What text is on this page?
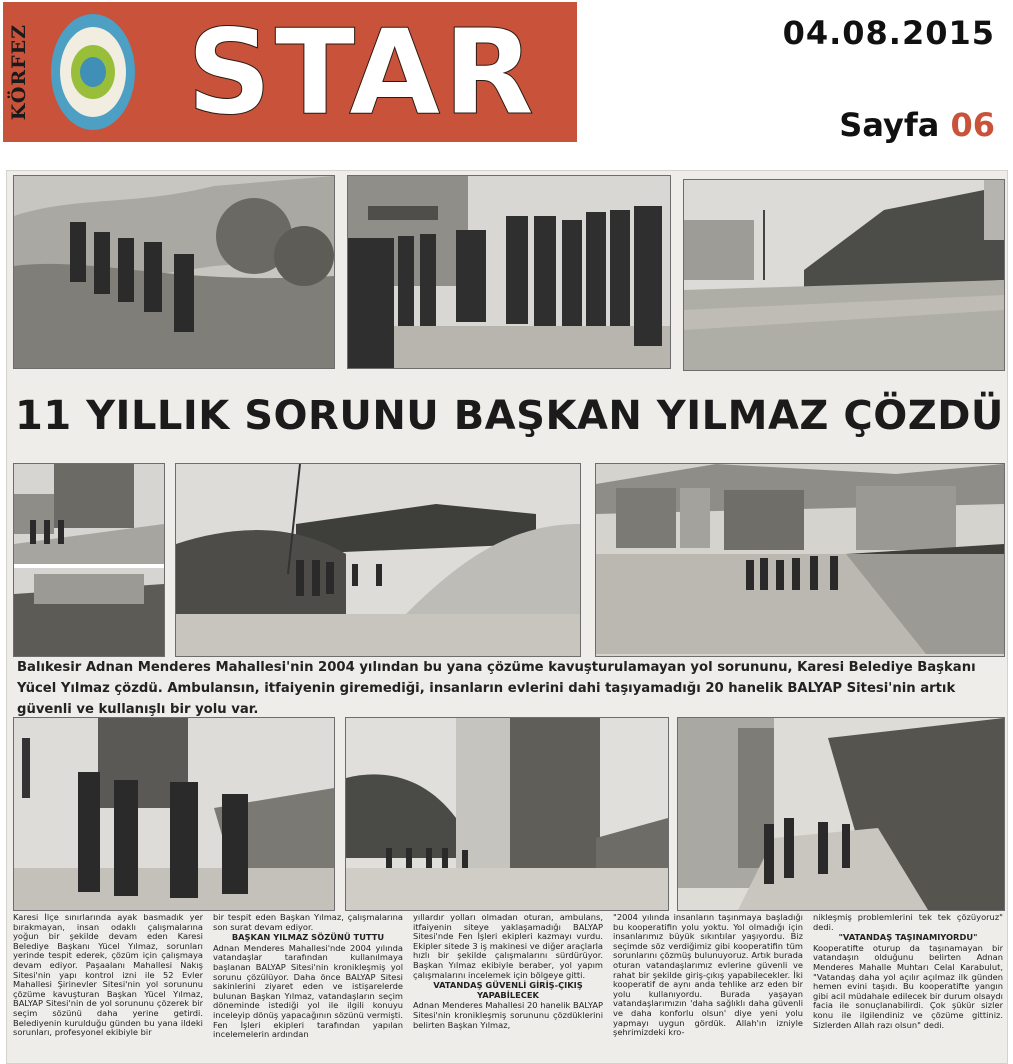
KÖRFEZ STAR	04.08.2015
Sayfa 06
11 YILLIK SORUNU BAŞKAN YILMAZ ÇÖZDÜ

Balıkesir Adnan Menderes Mahallesi'nin 2004 yılından bu yana çözüme kavuşturulamayan yol sorununu, Karesi Belediye Başkanı Yücel Yılmaz çözdü. Ambulansın, itfaiyenin giremediği, insanların evlerini dahi taşıyamadığı 20 hanelik BALYAP Sitesi'nin artık güvenli ve kullanışlı bir yolu var.

Karesi İlçe sınırlarında ayak basmadık yer bırakmayan, insan odaklı çalışmalarına yoğun bir şekilde devam eden Karesi Belediye Başkanı Yücel Yılmaz, sorunları yerinde tespit ederek, çözüm için çalışmaya devam ediyor. Paşaalanı Mahallesi Nakış Sitesi'nin yapı kontrol izni ile 52 Evler Mahallesi Şirinevler Sitesi'nin yol sorununu çözüme kavuşturan Başkan Yücel Yılmaz, BALYAP Sitesi'nin de yol sorununu çözerek bir seçim sözünü daha yerine getirdi. Belediyenin kurulduğu günden bu yana ildeki sorunları, profesyonel ekibiyle bir

bir tespit eden Başkan Yılmaz, çalışmalarına son surat devam ediyor.

BAŞKAN YILMAZ SÖZÜNÜ TUTTU

Adnan Menderes Mahallesi'nde 2004 yılında vatandaşlar tarafından kullanılmaya başlanan BALYAP Sitesi'nin kronikleşmiş yol sorunu çözülüyor. Daha önce BALYAP Sitesi sakinlerini ziyaret eden ve istişarelerde bulunan Başkan Yılmaz, vatandaşların seçim döneminde istediği yol ile ilgili konuyu inceleyip dönüş yapacağının sözünü vermişti. Fen İşleri ekipleri tarafından yapılan incelemelerin ardından

yıllardır yolları olmadan oturan, ambulans, itfaiyenin siteye yaklaşamadığı BALYAP Sitesi'nde Fen İşleri ekipleri kazmayı vurdu. Ekipler sitede 3 iş makinesi ve diğer araçlarla hızlı bir şekilde çalışmalarını sürdürüyor. Başkan Yılmaz ekibiyle beraber, yol yapım çalışmalarını incelemek için bölgeye gitti.

VATANDAŞ GÜVENLİ GİRİŞ-ÇIKIŞ YAPABİLECEK

Adnan Menderes Mahallesi 20 hanelik BALYAP Sitesi'nin kronikleşmiş sorununu çözdüklerini belirten Başkan Yılmaz,

"2004 yılında insanların taşınmaya başladığı bu kooperatifin yolu yoktu. Yol olmadığı için insanlarımız büyük sıkıntılar yaşıyordu. Biz seçimde söz verdiğimiz gibi kooperatifin tüm sorunlarını çözmüş bulunuyoruz. Artık burada oturan vatandaşlarımız evlerine güvenli ve rahat bir şekilde giriş-çıkış yapabilecekler. İki kooperatif de aynı anda tehlike arz eden bir yolu kullanıyordu. Burada yaşayan vatandaşlarımızın 'daha sağlıklı daha güvenli ve daha konforlu olsun' diye yeni yolu yapmayı uygun gördük. Allah'ın izniyle şehrimizdeki kro-

nikleşmiş problemlerini tek tek çözüyoruz" dedi.

"VATANDAŞ TAŞINAMIYORDU"

Kooperatifte oturup da taşınamayan bir vatandaşın olduğunu belirten Adnan Menderes Mahalle Muhtarı Celal Karabulut, "Vatandaş daha yol açılır açılmaz ilk günden hemen evini taşıdı. Bu kooperatifte yangın gibi acil müdahale edilecek bir durum olsaydı facia ile sonuçlanabilirdi. Çok şükür sizler konu ile ilgilendiniz ve çözüme gittiniz. Sizlerden Allah razı olsun" dedi.
